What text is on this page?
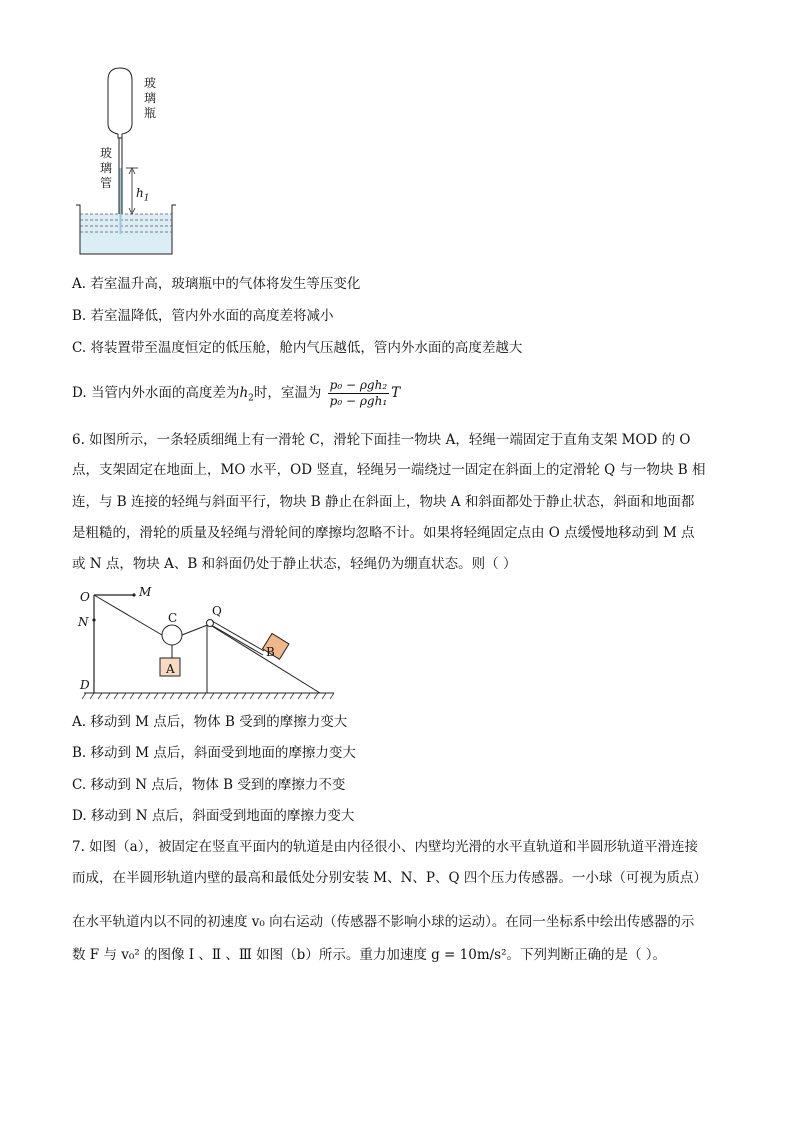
玻
璃
瓶
玻
璃
管
$h_1$
A. 若室温升高，玻璃瓶中的气体将发生等压变化
B. 若室温降低，管内外水面的高度差将减小
C. 将装置带至温度恒定的低压舱，舱内气压越低，管内外水面的高度差越大
D. 当管内外水面的高度差为$h_2$时，室温为 $\frac{\text{p₀ − ρgh₂}}{\text{p₀ − ρgh₁}}$ T
6. 如图所示，一条轻质细绳上有一滑轮 C，滑轮下面挂一物块 A，轻绳一端固定于直角支架 MOD 的 O
点，支架固定在地面上，MO 水平，OD 竖直，轻绳另一端绕过一固定在斜面上的定滑轮 Q 与一物块 B 相
连，与 B 连接的轻绳与斜面平行，物块 B 静止在斜面上，物块 A 和斜面都处于静止状态，斜面和地面都
是粗糙的，滑轮的质量及轻绳与滑轮间的摩擦均忽略不计。如果将轻绳固定点由 O 点缓慢地移动到 M 点
或 N 点，物块 A、B 和斜面仍处于静止状态，轻绳仍为绷直状态。则（ ）
O	M
N
D
C	Q
A
B
A. 移动到 M 点后，物体 B 受到的摩擦力变大
B. 移动到 M 点后，斜面受到地面的摩擦力变大
C. 移动到 N 点后，物体 B 受到的摩擦力不变
D. 移动到 N 点后，斜面受到地面的摩擦力变大
7. 如图（a），被固定在竖直平面内的轨道是由内径很小、内壁均光滑的水平直轨道和半圆形轨道平滑连接
而成，在半圆形轨道内壁的最高和最低处分别安装 M、N、P、Q 四个压力传感器。一小球（可视为质点）
在水平轨道内以不同的初速度 v₀ 向右运动（传感器不影响小球的运动）。在同一坐标系中绘出传感器的示
数 F 与 v₀² 的图像 Ⅰ 、Ⅱ 、Ⅲ 如图（b）所示。重力加速度 g = 10m/s²。下列判断正确的是（ ）。
